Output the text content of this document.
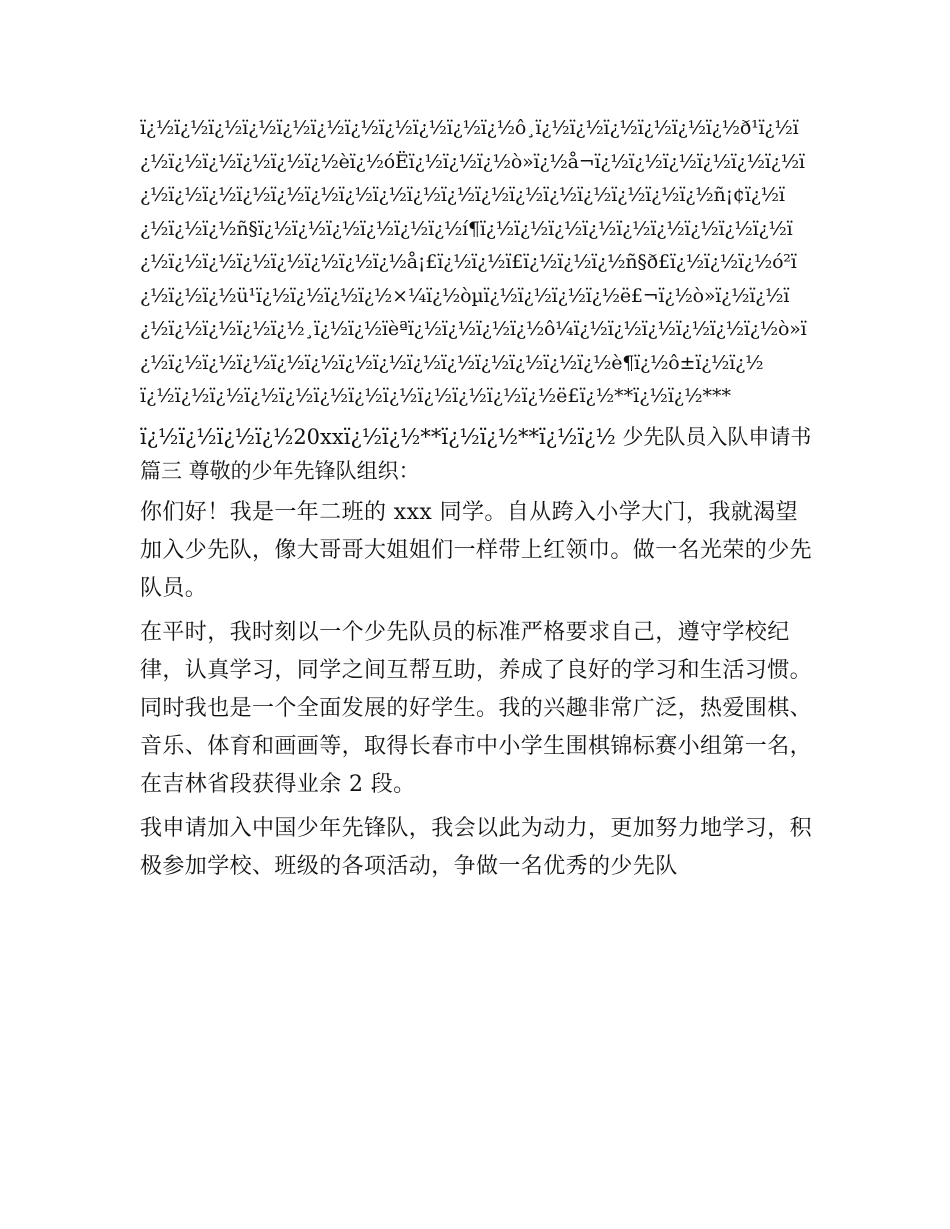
ï¿½ï¿½ï¿½ï¿½ï¿½ï¿½ï¿½ï¿½ï¿½ï¿½ï¿½ô¸ï¿½ï¿½ï¿½ï¿½ï¿½ï¿½ð¹ï¿½ï¿½ï¿½ï¿½ï¿½ï¿½ï¿½èï¿½óËï¿½ï¿½ï¿½ò»ï¿½å¬ï¿½ï¿½ï¿½ï¿½ï¿½ï¿½ï¿½ï¿½ï¿½ï¿½ï¿½ï¿½ï¿½ï¿½ï¿½ï¿½ï¿½ï¿½ï¿½ï¿½ï¿½ï¿½ï¿½ñ¡¢ï¿½ï¿½ï¿½ï¿½ñ§ï¿½ï¿½ï¿½ï¿½ï¿½ï¿½í¶ï¿½ï¿½ï¿½ï¿½ï¿½ï¿½ï¿½ï¿½ï¿½ï¿½ï¿½ï¿½ï¿½ï¿½ï¿½ï¿½ï¿½å¡£ï¿½ï¿½ï£ï¿½ï¿½ï¿½ñ§ð£ï¿½ï¿½ï¿½ó²ï¿½ï¿½ï¿½ü¹ï¿½ï¿½ï¿½ï¿½×¼ï¿½òµï¿½ï¿½ï¿½ï¿½ë£¬ï¿½ò»ï¿½ï¿½ï¿½ï¿½ï¿½ï¿½ï¿½¸ï¿½ï¿½ïèªï¿½ï¿½ï¿½ï¿½ô¼ï¿½ï¿½ï¿½ï¿½ï¿½ï¿½ò»ï¿½ï¿½ï¿½ï¿½ï¿½ï¿½ï¿½ï¿½ï¿½ï¿½ï¿½ï¿½ï¿½ï¿½è¶ï¿½ô±ï¿½ï¿½

ï¿½ï¿½ï¿½ï¿½ï¿½ï¿½ï¿½ï¿½ï¿½ï¿½ï¿½ï¿½ë£ï¿½**ï¿½ï¿½***

ï¿½ï¿½ï¿½ï¿½20xxï¿½ï¿½**ï¿½ï¿½**ï¿½ï¿½ 少先队员入队申请书篇三 尊敬的少年先锋队组织：

你们好！我是一年二班的 xxx 同学。自从跨入小学大门，我就渴望加入少先队，像大哥哥大姐姐们一样带上红领巾。做一名光荣的少先队员。

在平时，我时刻以一个少先队员的标准严格要求自己，遵守学校纪律，认真学习，同学之间互帮互助，养成了良好的学习和生活习惯。同时我也是一个全面发展的好学生。我的兴趣非常广泛，热爱围棋、音乐、体育和画画等，取得长春市中小学生围棋锦标赛小组第一名，在吉林省段获得业余 2 段。

我申请加入中国少年先锋队，我会以此为动力，更加努力地学习，积极参加学校、班级的各项活动，争做一名优秀的少先队
